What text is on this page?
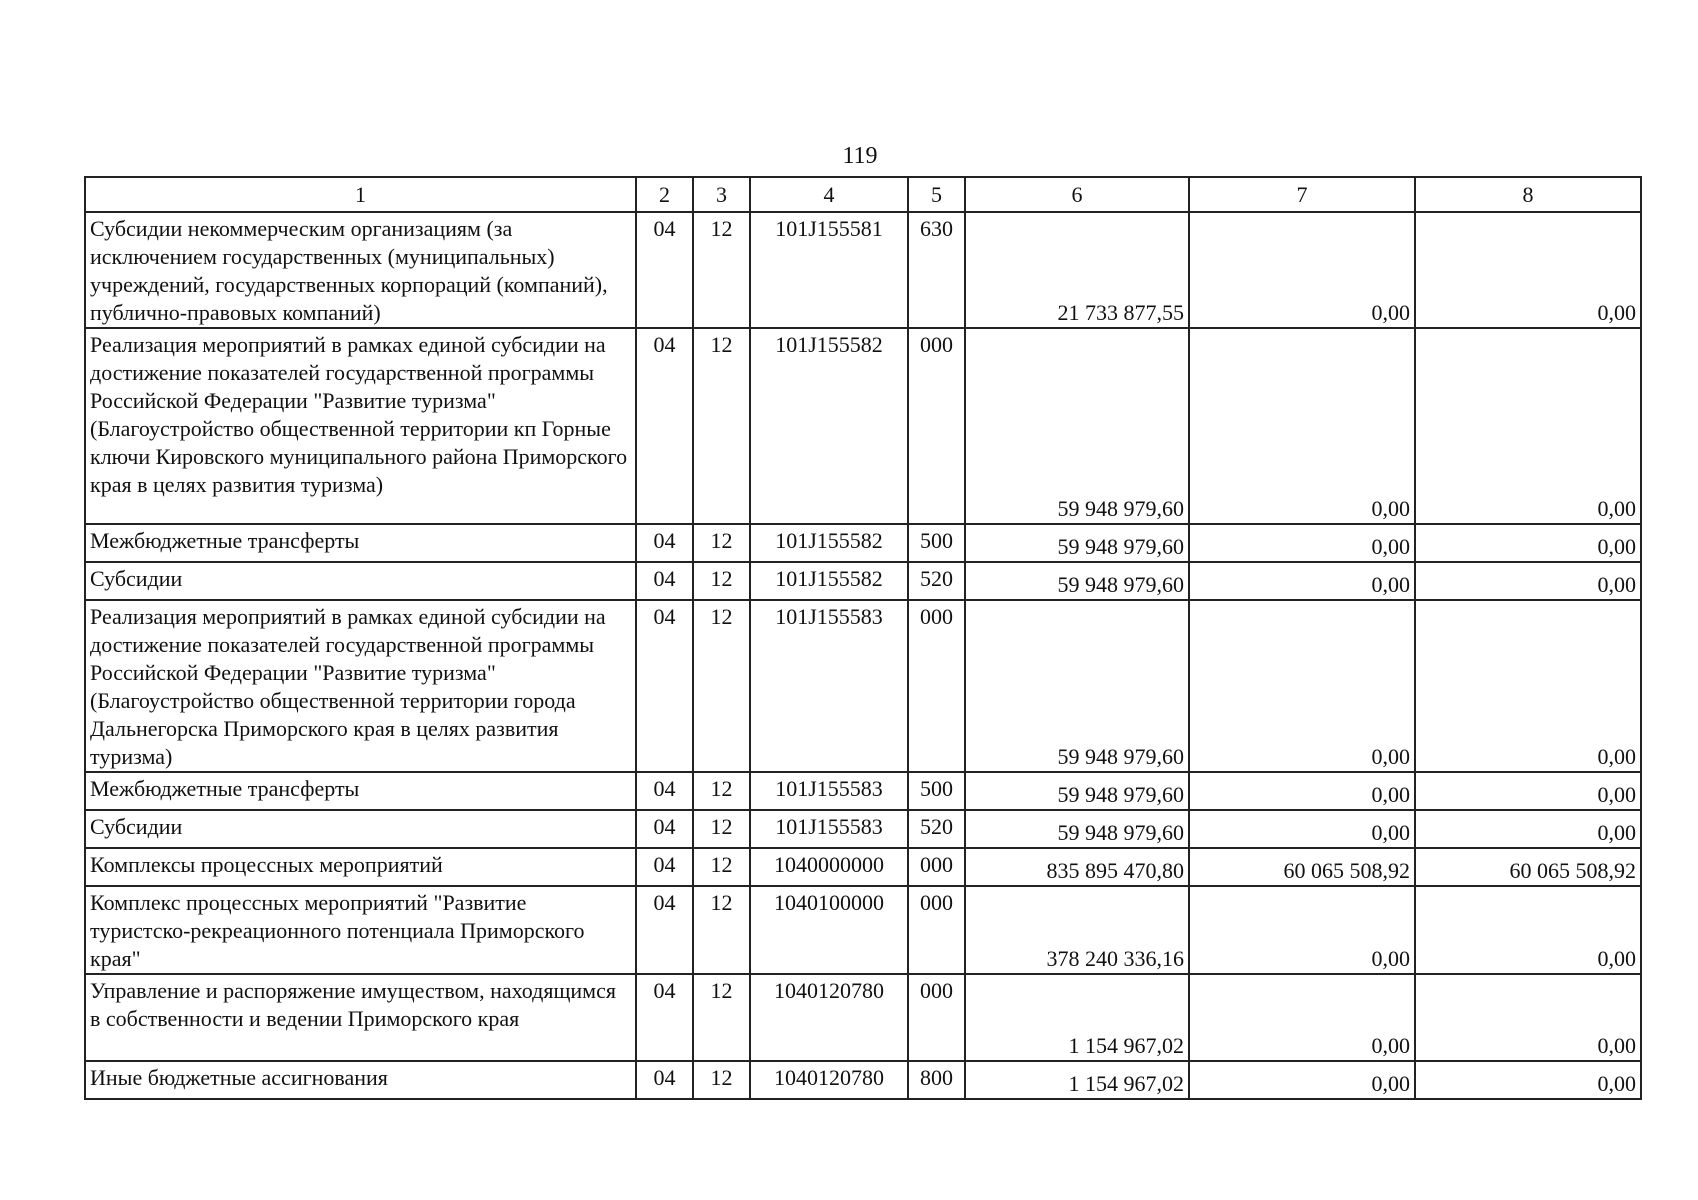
119
1	2	3	4	5	6	7	8
Субсидии некоммерческим организациям (за исключением государственных (муниципальных) учреждений, государственных корпораций (компаний), публично-правовых компаний)	04	12	101J155581	630	21 733 877,55	0,00	0,00
Реализация мероприятий в рамках единой субсидии на достижение показателей государственной программы Российской Федерации "Развитие туризма" (Благоустройство общественной территории кп Горные ключи Кировского муниципального района Приморского края в целях развития туризма)	04	12	101J155582	000	59 948 979,60	0,00	0,00
Межбюджетные трансферты	04	12	101J155582	500	59 948 979,60	0,00	0,00
Субсидии	04	12	101J155582	520	59 948 979,60	0,00	0,00
Реализация мероприятий в рамках единой субсидии на достижение показателей государственной программы Российской Федерации "Развитие туризма" (Благоустройство общественной территории города Дальнегорска Приморского края в целях развития туризма)	04	12	101J155583	000	59 948 979,60	0,00	0,00
Межбюджетные трансферты	04	12	101J155583	500	59 948 979,60	0,00	0,00
Субсидии	04	12	101J155583	520	59 948 979,60	0,00	0,00
Комплексы процессных мероприятий	04	12	1040000000	000	835 895 470,80	60 065 508,92	60 065 508,92
Комплекс процессных мероприятий "Развитие туристско-рекреационного потенциала Приморского края"	04	12	1040100000	000	378 240 336,16	0,00	0,00
Управление и распоряжение имуществом, находящимся в собственности и ведении Приморского края	04	12	1040120780	000	1 154 967,02	0,00	0,00
Иные бюджетные ассигнования	04	12	1040120780	800	1 154 967,02	0,00	0,00
